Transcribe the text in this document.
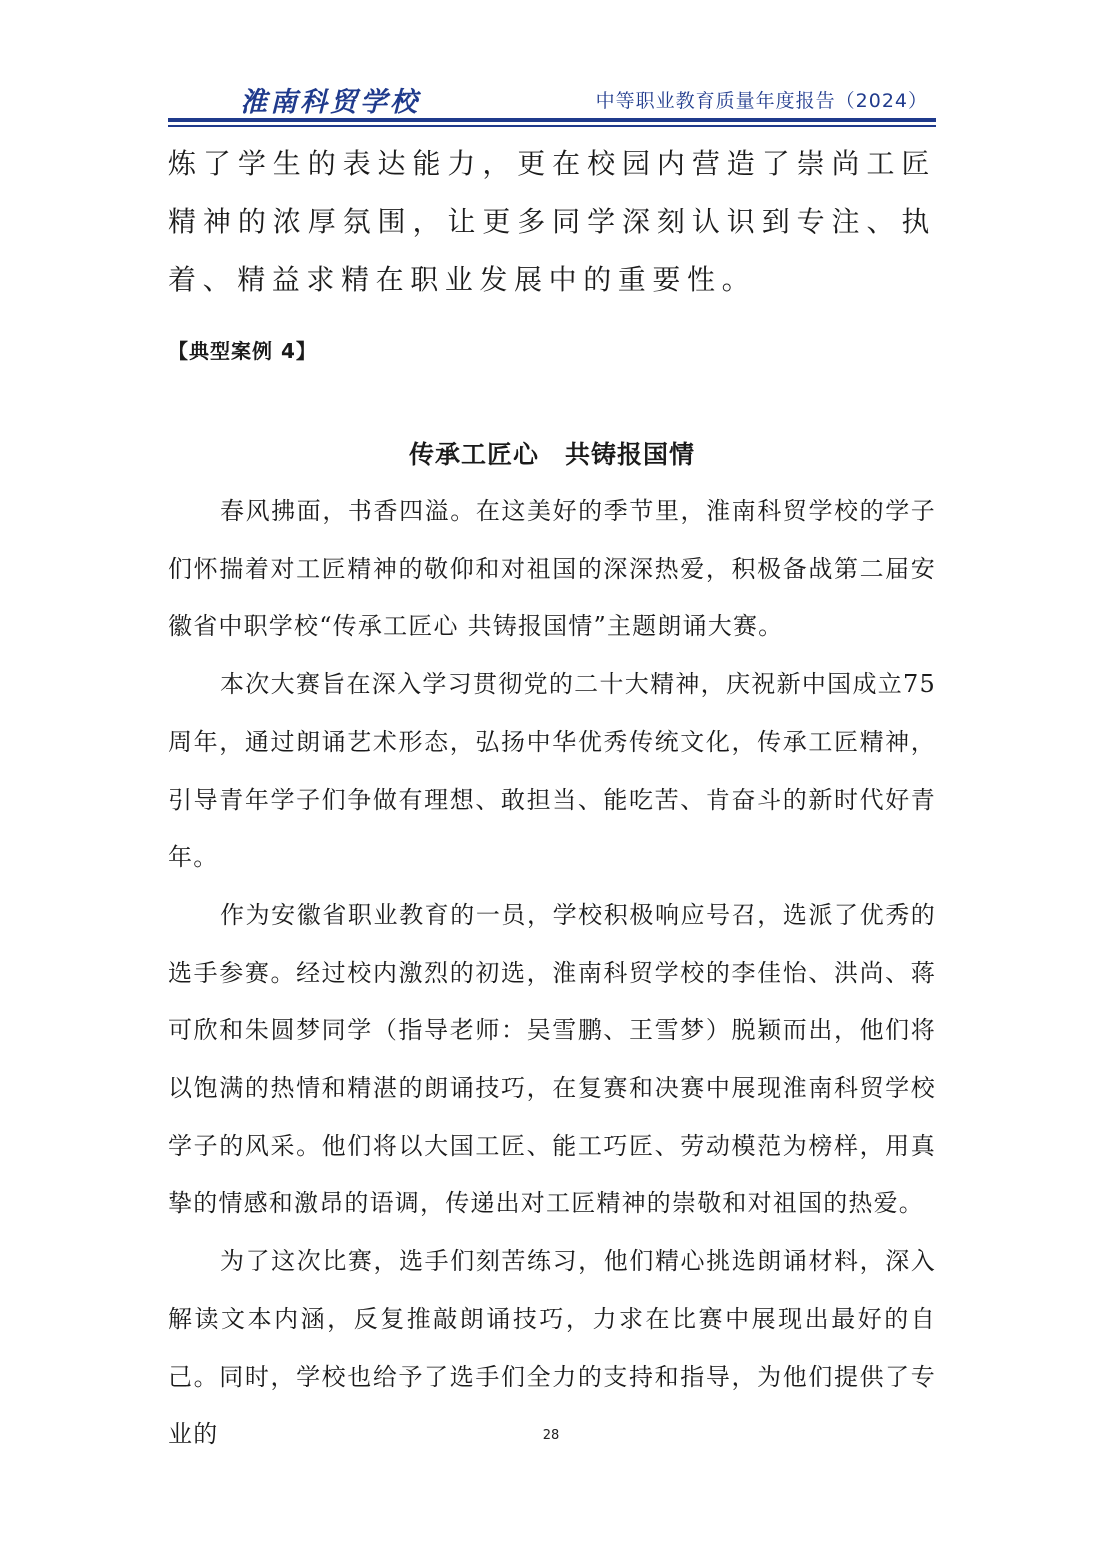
淮南科贸学校	中等职业教育质量年度报告（2024）

炼了学生的表达能力，更在校园内营造了崇尚工匠精神的浓厚氛围，让更多同学深刻认识到专注、执着、精益求精在职业发展中的重要性。

【典型案例 4】

传承工匠心　共铸报国情

春风拂面，书香四溢。在这美好的季节里，淮南科贸学校的学子们怀揣着对工匠精神的敬仰和对祖国的深深热爱，积极备战第二届安徽省中职学校“传承工匠心 共铸报国情”主题朗诵大赛。

本次大赛旨在深入学习贯彻党的二十大精神，庆祝新中国成立75周年，通过朗诵艺术形态，弘扬中华优秀传统文化，传承工匠精神，引导青年学子们争做有理想、敢担当、能吃苦、肯奋斗的新时代好青年。

作为安徽省职业教育的一员，学校积极响应号召，选派了优秀的选手参赛。经过校内激烈的初选，淮南科贸学校的李佳怡、洪尚、蒋可欣和朱圆梦同学（指导老师：吴雪鹏、王雪梦）脱颖而出，他们将以饱满的热情和精湛的朗诵技巧，在复赛和决赛中展现淮南科贸学校学子的风采。他们将以大国工匠、能工巧匠、劳动模范为榜样，用真挚的情感和激昂的语调，传递出对工匠精神的崇敬和对祖国的热爱。

为了这次比赛，选手们刻苦练习，他们精心挑选朗诵材料，深入解读文本内涵，反复推敲朗诵技巧，力求在比赛中展现出最好的自己。同时，学校也给予了选手们全力的支持和指导，为他们提供了专业的	28
